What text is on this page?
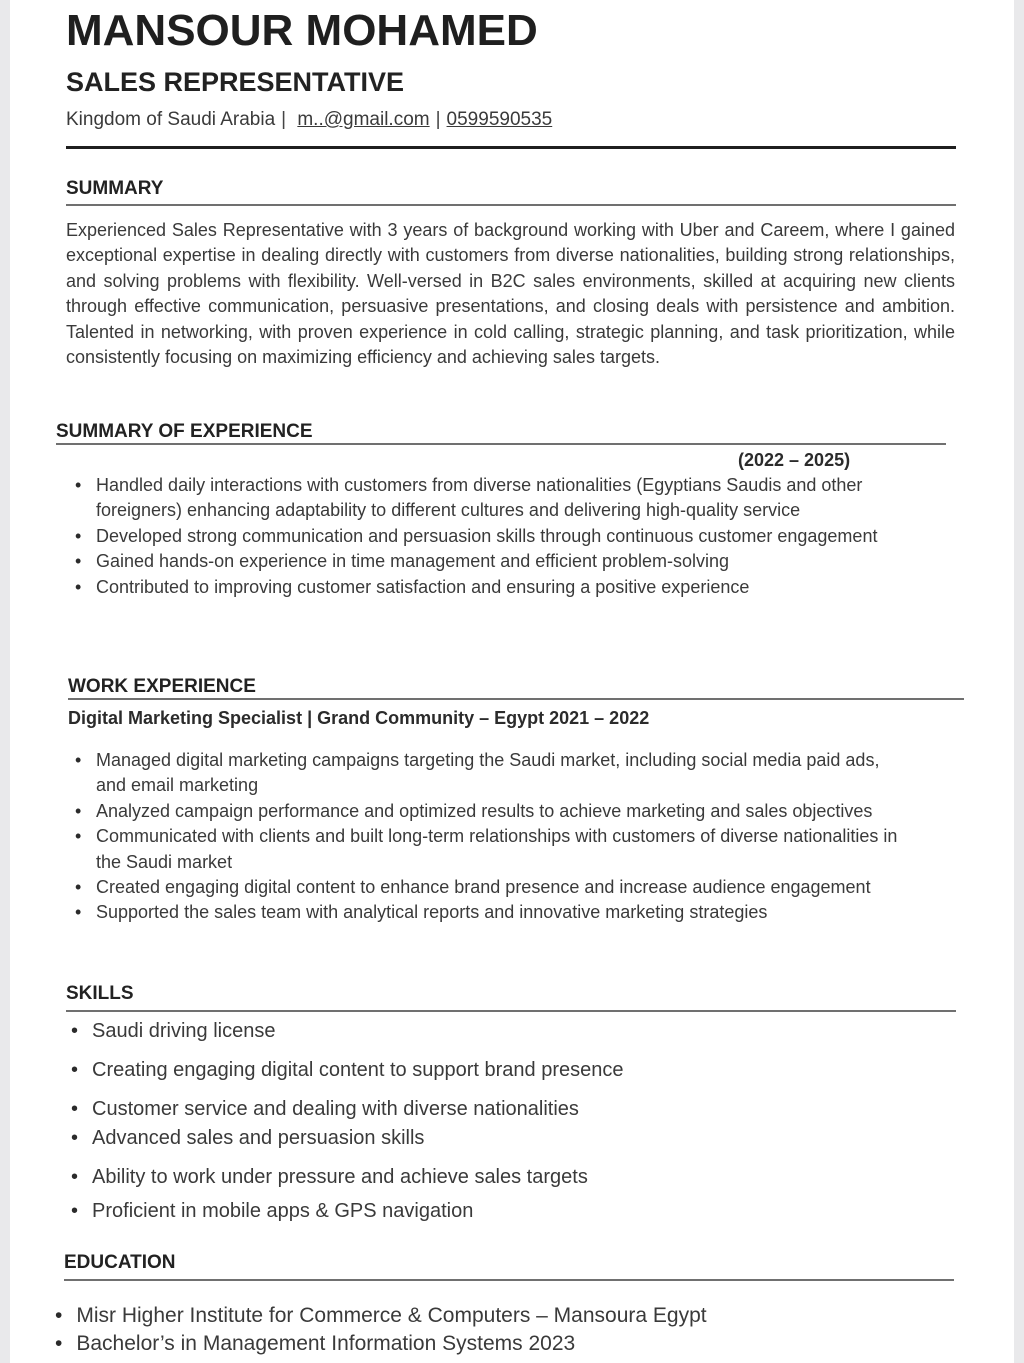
MANSOUR MOHAMED
SALES REPRESENTATIVE
Kingdom of Saudi Arabia | m..@gmail.com | 0599590535
SUMMARY
Experienced Sales Representative with 3 years of background working with Uber and Careem, where I gained exceptional expertise in dealing directly with customers from diverse nationalities, building strong relationships, and solving problems with flexibility. Well-versed in B2C sales environments, skilled at acquiring new clients through effective communication, persuasive presentations, and closing deals with persistence and ambition. Talented in networking, with proven experience in cold calling, strategic planning, and task prioritization, while consistently focusing on maximizing efficiency and achieving sales targets.
SUMMARY OF EXPERIENCE
(2022 – 2025)
• Handled daily interactions with customers from diverse nationalities (Egyptians Saudis and other foreigners) enhancing adaptability to different cultures and delivering high-quality service
• Developed strong communication and persuasion skills through continuous customer engagement
• Gained hands-on experience in time management and efficient problem-solving
• Contributed to improving customer satisfaction and ensuring a positive experience
WORK EXPERIENCE
Digital Marketing Specialist | Grand Community – Egypt 2021 – 2022
• Managed digital marketing campaigns targeting the Saudi market, including social media paid ads, and email marketing
• Analyzed campaign performance and optimized results to achieve marketing and sales objectives
• Communicated with clients and built long-term relationships with customers of diverse nationalities in the Saudi market
• Created engaging digital content to enhance brand presence and increase audience engagement
• Supported the sales team with analytical reports and innovative marketing strategies
SKILLS
• Saudi driving license
• Creating engaging digital content to support brand presence
• Customer service and dealing with diverse nationalities
• Advanced sales and persuasion skills
• Ability to work under pressure and achieve sales targets
• Proficient in mobile apps & GPS navigation
EDUCATION
• Misr Higher Institute for Commerce & Computers – Mansoura Egypt
• Bachelor’s in Management Information Systems 2023
